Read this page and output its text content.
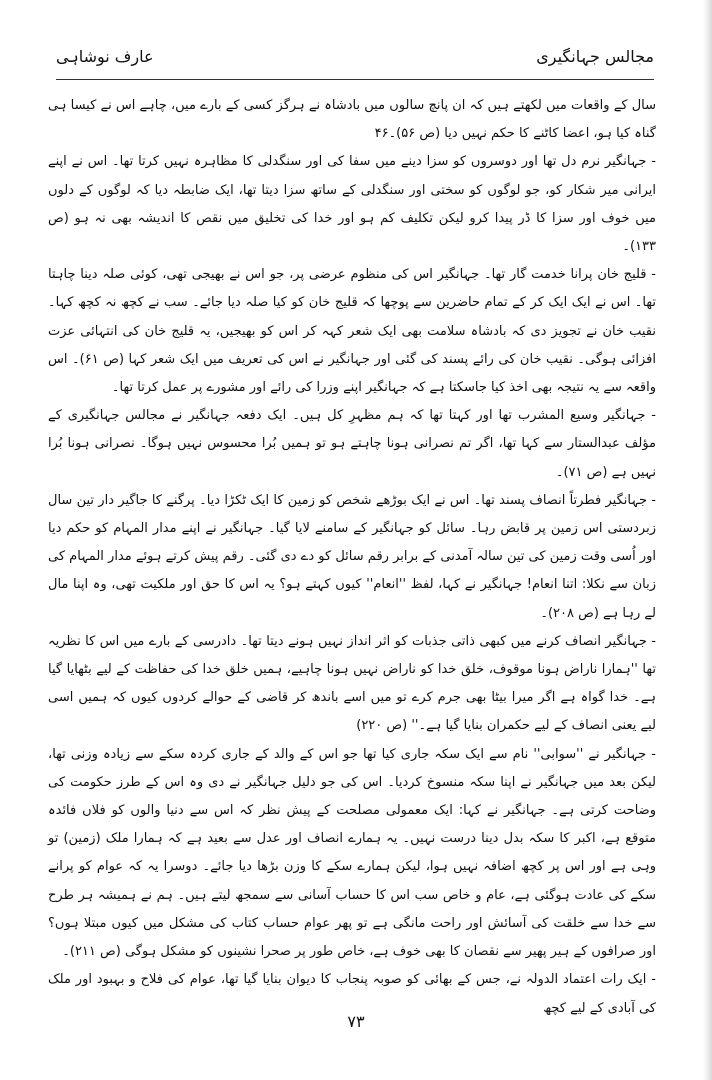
مجالس جہانگیری
عارف نوشاہی

سال کے واقعات میں لکھتے ہیں کہ ان پانچ سالوں میں بادشاہ نے ہرگز کسی کے بارے میں، چاہے اس نے کیسا ہی گناہ کیا ہو، اعضا کاٹنے کا حکم نہیں دیا (ص ۵۶)۔۴۶

- جہانگیر نرم دل تھا اور دوسروں کو سزا دینے میں سفا کی اور سنگدلی کا مظاہرہ نہیں کرتا تھا۔ اس نے اپنے ایرانی میر شکار کو، جو لوگوں کو سختی اور سنگدلی کے ساتھ سزا دیتا تھا، ایک ضابطہ دیا کہ لوگوں کے دلوں میں خوف اور سزا کا ڈر پیدا کرو لیکن تکلیف کم ہو اور خدا کی تخلیق میں نقص کا اندیشہ بھی نہ ہو (ص ۱۳۳)۔

- قلیج خان پرانا خدمت گار تھا۔ جہانگیر اس کی منظوم عرضی پر، جو اس نے بھیجی تھی، کوئی صلہ دینا چاہتا تھا۔ اس نے ایک ایک کر کے تمام حاضرین سے پوچھا کہ قلیج خان کو کیا صلہ دیا جائے۔ سب نے کچھ نہ کچھ کہا۔ نقیب خان نے تجویز دی کہ بادشاہ سلامت بھی ایک شعر کہہ کر اس کو بھیجیں، یہ قلیج خان کی انتہائی عزت افزائی ہوگی۔ نقیب خان کی رائے پسند کی گئی اور جہانگیر نے اس کی تعریف میں ایک شعر کہا (ص ۶۱)۔ اس واقعہ سے یہ نتیجہ بھی اخذ کیا جاسکتا ہے کہ جہانگیر اپنے وزرا کی رائے اور مشورے پر عمل کرتا تھا۔

- جہانگیر وسیع المشرب تھا اور کہتا تھا کہ ہم مظہرِ کل ہیں۔ ایک دفعہ جہانگیر نے مجالس جہانگیری کے مؤلف عبدالستار سے کہا تھا، اگر تم نصرانی ہونا چاہتے ہو تو ہمیں بُرا محسوس نہیں ہوگا۔ نصرانی ہونا بُرا نہیں ہے (ص ۷۱)۔

- جہانگیر فطرتاً انصاف پسند تھا۔ اس نے ایک بوڑھے شخص کو زمین کا ایک ٹکڑا دیا۔ پرگنے کا جاگیر دار تین سال زبردستی اس زمین پر قابض رہا۔ سائل کو جہانگیر کے سامنے لایا گیا۔ جہانگیر نے اپنے مدار المہام کو حکم دیا اور اُسی وقت زمین کی تین سالہ آمدنی کے برابر رقم سائل کو دے دی گئی۔ رقم پیش کرتے ہوئے مدار المہام کی زبان سے نکلا: اتنا انعام! جہانگیر نے کہا، لفظ ''انعام'' کیوں کہتے ہو؟ یہ اس کا حق اور ملکیت تھی، وہ اپنا مال لے رہا ہے (ص ۲۰۸)۔

- جہانگیر انصاف کرنے میں کبھی ذاتی جذبات کو اثر انداز نہیں ہونے دیتا تھا۔ دادرسی کے بارے میں اس کا نظریہ تھا ''ہمارا ناراض ہونا موقوف، خلق خدا کو ناراض نہیں ہونا چاہیے، ہمیں خلق خدا کی حفاظت کے لیے بٹھایا گیا ہے۔ خدا گواہ ہے اگر میرا بیٹا بھی جرم کرے تو میں اسے باندھ کر قاضی کے حوالے کردوں کیوں کہ ہمیں اسی لیے یعنی انصاف کے لیے حکمران بنایا گیا ہے۔'' (ص ۲۲۰)

- جہانگیر نے ''سوابی'' نام سے ایک سکہ جاری کیا تھا جو اس کے والد کے جاری کردہ سکے سے زیادہ وزنی تھا، لیکن بعد میں جہانگیر نے اپنا سکہ منسوخ کردیا۔ اس کی جو دلیل جہانگیر نے دی وہ اس کے طرز حکومت کی وضاحت کرتی ہے۔ جہانگیر نے کہا: ایک معمولی مصلحت کے پیش نظر کہ اس سے دنیا والوں کو فلاں فائدہ متوقع ہے، اکبر کا سکہ بدل دینا درست نہیں۔ یہ ہمارے انصاف اور عدل سے بعید ہے کہ ہمارا ملک (زمین) تو وہی ہے اور اس پر کچھ اضافہ نہیں ہوا، لیکن ہمارے سکے کا وزن بڑھا دیا جائے۔ دوسرا یہ کہ عوام کو پرانے سکے کی عادت ہوگئی ہے، عام و خاص سب اس کا حساب آسانی سے سمجھ لیتے ہیں۔ ہم نے ہمیشہ ہر طرح سے خدا سے خلقت کی آسائش اور راحت مانگی ہے تو پھر عوام حساب کتاب کی مشکل میں کیوں مبتلا ہوں؟ اور صرافوں کے ہیر پھیر سے نقصان کا بھی خوف ہے، خاص طور پر صحرا نشینوں کو مشکل ہوگی (ص ۲۱۱)۔

- ایک رات اعتماد الدولہ نے، جس کے بھائی کو صوبہ پنجاب کا دیوان بنایا گیا تھا، عوام کی فلاح و بہبود اور ملک کی آبادی کے لیے کچھ

۷۳
